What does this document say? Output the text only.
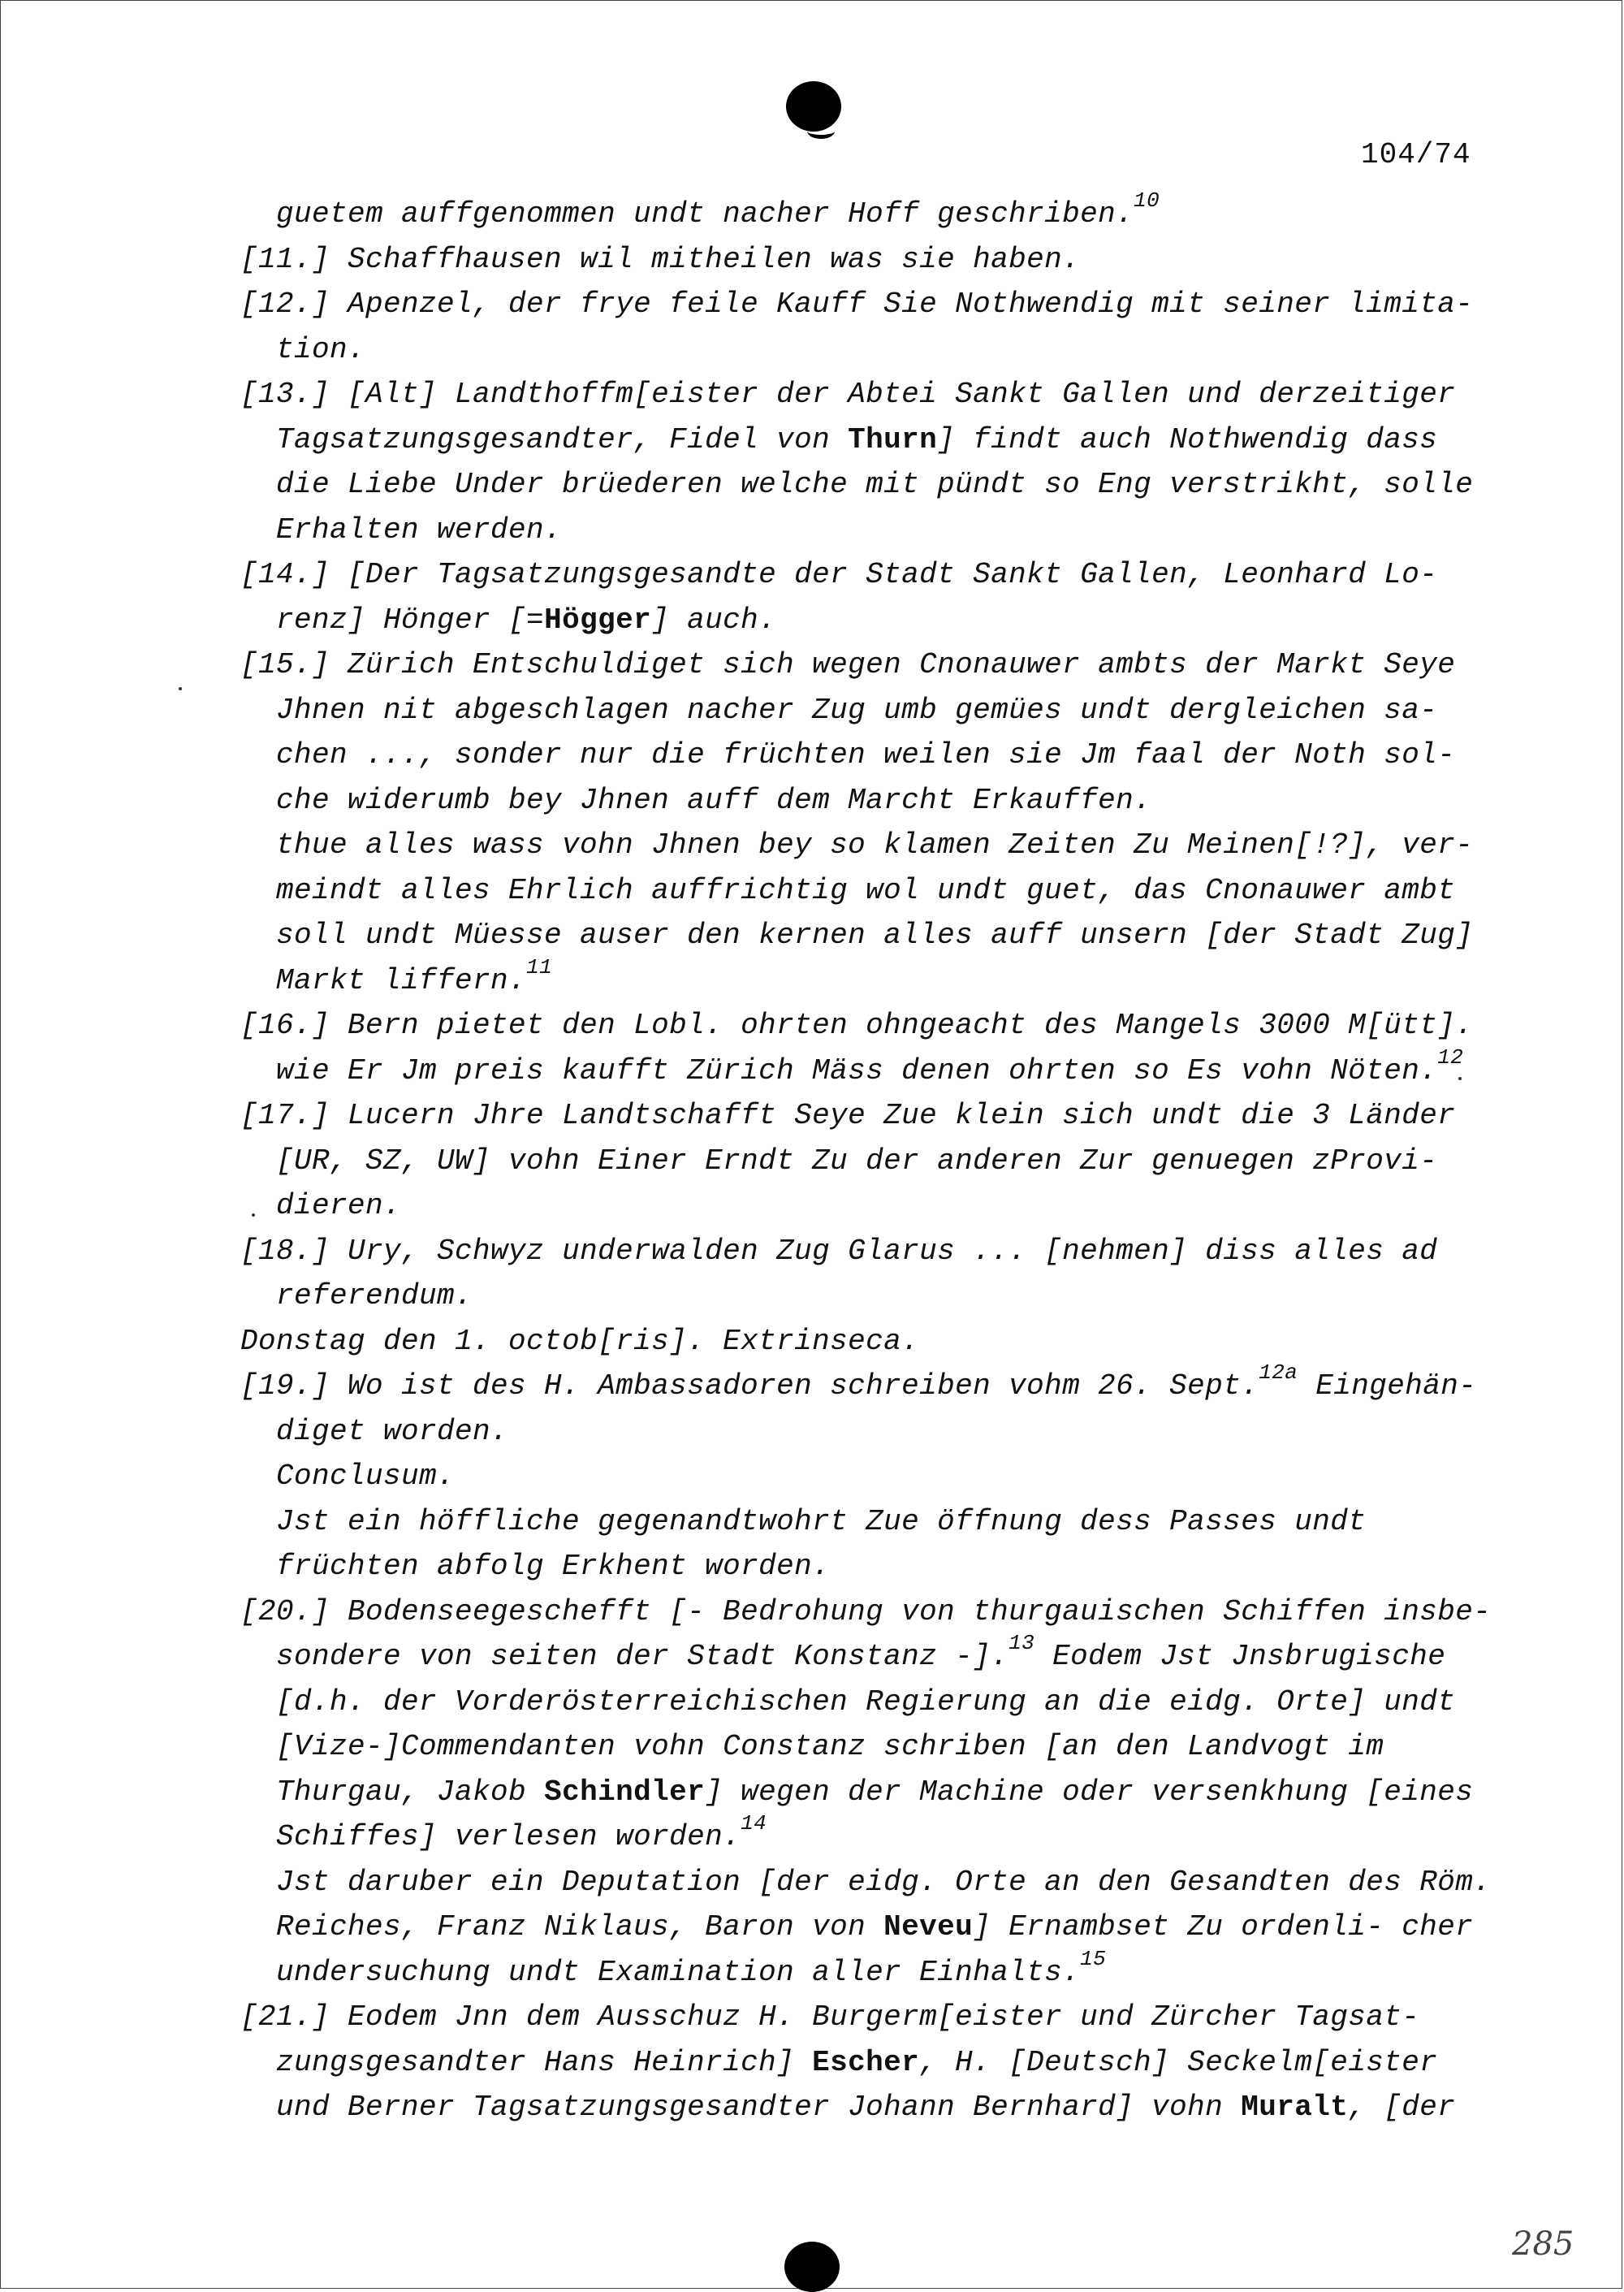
104/74

guetem auffgenommen undt nacher Hoff geschriben.$^{10}$

[11.] Schaffhausen wil mitheilen was sie haben.

[12.] Apenzel, der frye feile Kauff Sie Nothwendig mit seiner limita- tion.

[13.] [Alt] Landthoffm[eister der Abtei Sankt Gallen und derzeitiger Tagsatzungsgesandter, Fidel von Thurn] findt auch Nothwendig dass die Liebe Under brüederen welche mit pündt so Eng verstrikht, solle Erhalten werden.

[14.] [Der Tagsatzungsgesandte der Stadt Sankt Gallen, Leonhard Lo- renz] Hönger [=Högger] auch.

[15.] Zürich Entschuldiget sich wegen Cnonauwer ambts der Markt Seye Jhnen nit abgeschlagen nacher Zug umb gemües undt dergleichen sa- chen ..., sonder nur die früchten weilen sie Jm faal der Noth sol- che widerumb bey Jhnen auff dem Marcht Erkauffen.

thue alles wass vohn Jhnen bey so klamen Zeiten Zu Meinen[!?], ver- meindt alles Ehrlich auffrichtig wol undt guet, das Cnonauwer ambt soll undt Müesse auser den kernen alles auff unsern [der Stadt Zug] Markt liffern.$^{11}$

[16.] Bern pietet den Lobl. ohrten ohngeacht des Mangels 3000 M[ütt]. wie Er Jm preis kaufft Zürich Mäss denen ohrten so Es vohn Nöten.$^{12}$

[17.] Lucern Jhre Landtschafft Seye Zue klein sich undt die 3 Länder [UR, SZ, UW] vohn Einer Erndt Zu der anderen Zur genuegen zProvi- dieren.

[18.] Ury, Schwyz underwalden Zug Glarus ... [nehmen] diss alles ad referendum.

Donstag den 1. octob[ris]. Extrinseca.

[19.] Wo ist des H. Ambassadoren schreiben vohm 26. Sept.$^{12a}$ Eingehän- diget worden.

Conclusum.

Jst ein höffliche gegenandtwohrt Zue öffnung dess Passes undt früchten abfolg Erkhent worden.

[20.] Bodenseegeschefft [- Bedrohung von thurgauischen Schiffen insbe- sondere von seiten der Stadt Konstanz -].$^{13}$ Eodem Jst Jnsbrugische [d.h. der Vorderösterreichischen Regierung an die eidg. Orte] undt [Vize-]Commendanten vohn Constanz schriben [an den Landvogt im Thurgau, Jakob Schindler] wegen der Machine oder versenkhung [eines Schiffes] verlesen worden.$^{14}$

Jst daruber ein Deputation [der eidg. Orte an den Gesandten des Röm. Reiches, Franz Niklaus, Baron von Neveu] Ernambset Zu ordenli- cher undersuchung undt Examination aller Einhalts.$^{15}$

[21.] Eodem Jnn dem Ausschuz H. Burgerm[eister und Zürcher Tagsat- zungsgesandter Hans Heinrich] Escher, H. [Deutsch] Seckelm[eister und Berner Tagsatzungsgesandter Johann Bernhard] vohn Muralt, [der

285
